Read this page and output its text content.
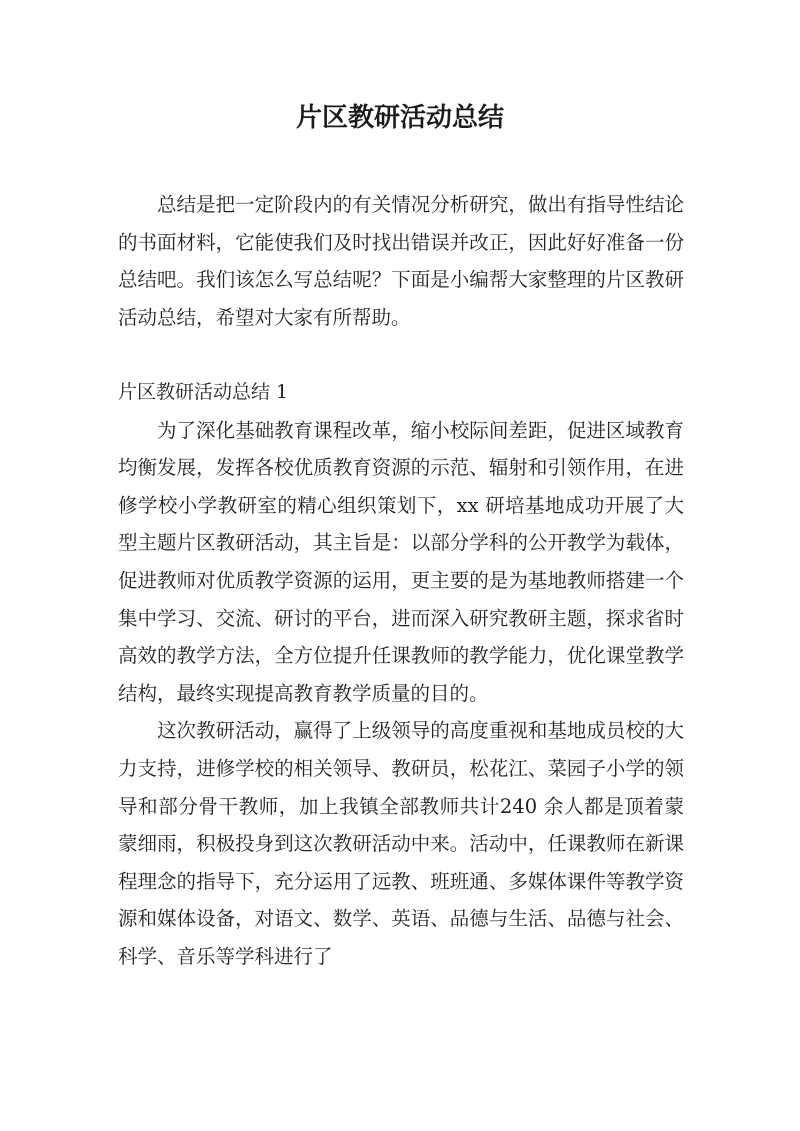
片区教研活动总结

总结是把一定阶段内的有关情况分析研究，做出有指导性结论的书面材料，它能使我们及时找出错误并改正，因此好好准备一份总结吧。我们该怎么写总结呢？下面是小编帮大家整理的片区教研活动总结，希望对大家有所帮助。

片区教研活动总结 1

为了深化基础教育课程改革，缩小校际间差距，促进区域教育均衡发展，发挥各校优质教育资源的示范、辐射和引领作用，在进修学校小学教研室的精心组织策划下，xx 研培基地成功开展了大型主题片区教研活动，其主旨是：以部分学科的公开教学为载体，促进教师对优质教学资源的运用，更主要的是为基地教师搭建一个集中学习、交流、研讨的平台，进而深入研究教研主题，探求省时高效的教学方法，全方位提升任课教师的教学能力，优化课堂教学结构，最终实现提高教育教学质量的目的。

这次教研活动，赢得了上级领导的高度重视和基地成员校的大力支持，进修学校的相关领导、教研员，松花江、菜园子小学的领导和部分骨干教师，加上我镇全部教师共计240 余人都是顶着蒙蒙细雨，积极投身到这次教研活动中来。活动中，任课教师在新课程理念的指导下，充分运用了远教、班班通、多媒体课件等教学资源和媒体设备，对语文、数学、英语、品德与生活、品德与社会、科学、音乐等学科进行了
